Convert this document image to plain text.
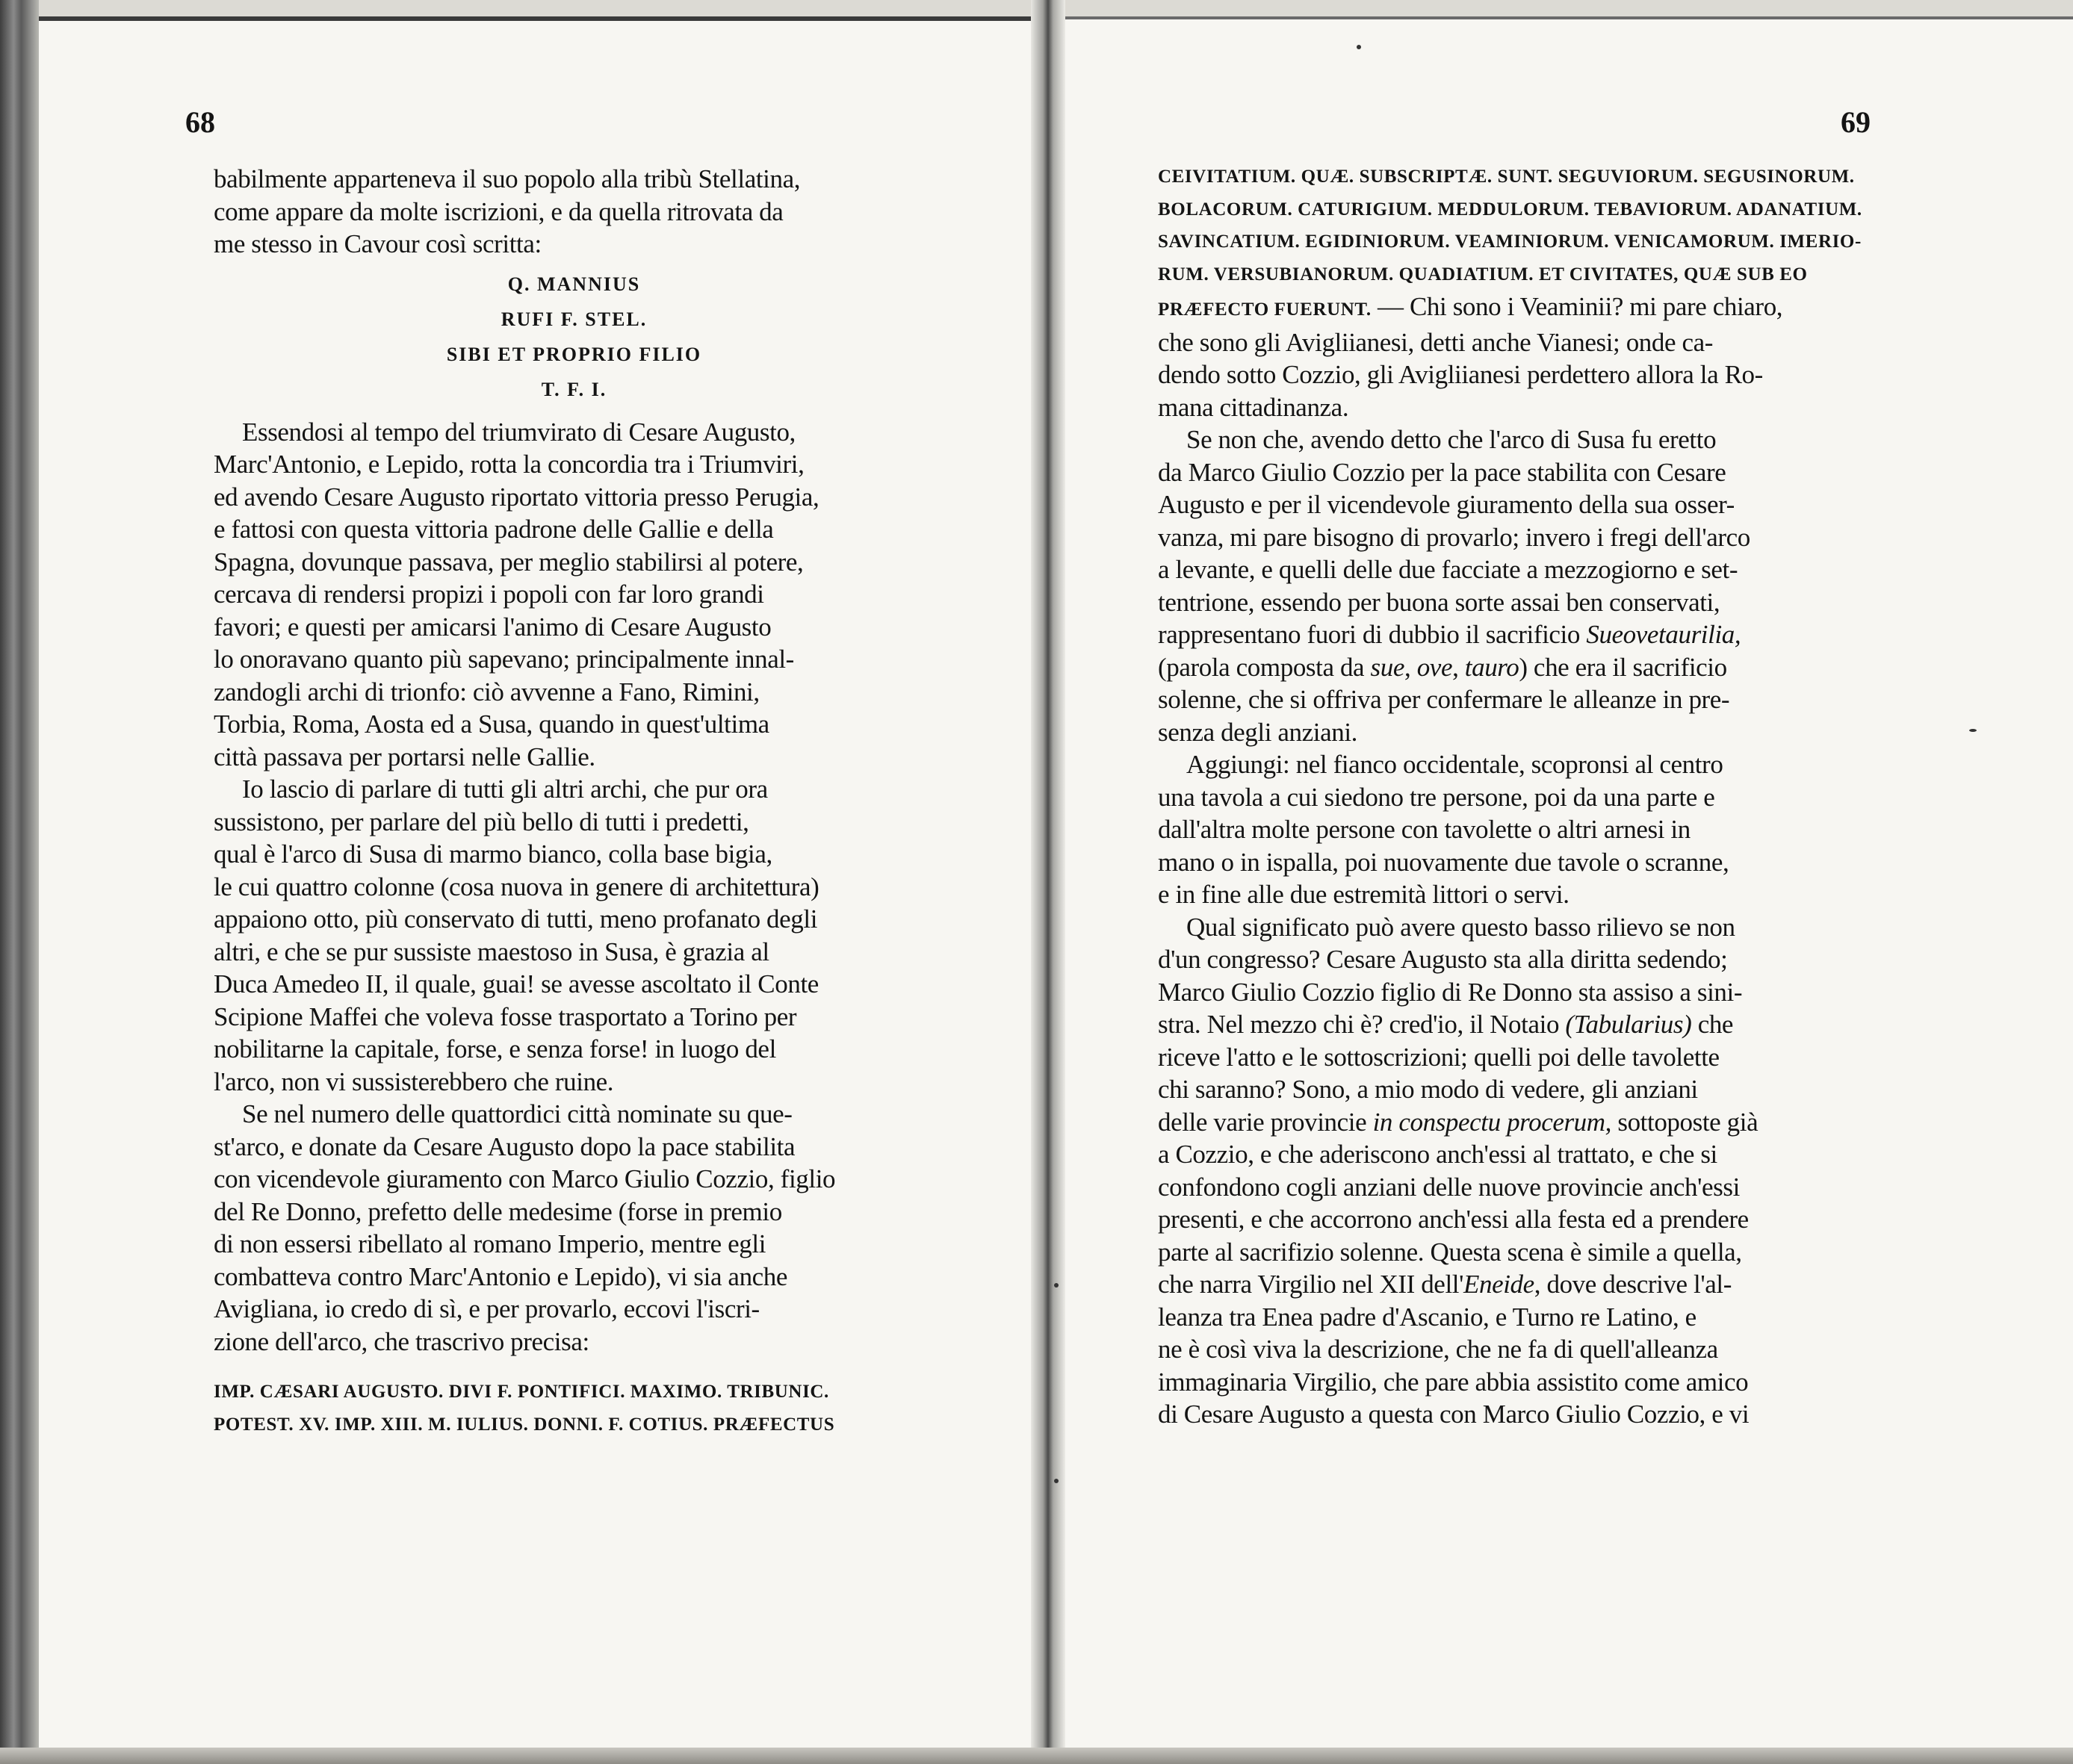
68
babilmente apparteneva il suo popolo alla tribù Stellatina,
come appare da molte iscrizioni, e da quella ritrovata da
me stesso in Cavour così scritta:
Q. MANNIUS
RUFI F. STEL.
SIBI ET PROPRIO FILIO
T. F. I.
Essendosi al tempo del triumvirato di Cesare Augusto,
Marc'Antonio, e Lepido, rotta la concordia tra i Triumviri,
ed avendo Cesare Augusto riportato vittoria presso Perugia,
e fattosi con questa vittoria padrone delle Gallie e della
Spagna, dovunque passava, per meglio stabilirsi al potere,
cercava di rendersi propizi i popoli con far loro grandi
favori; e questi per amicarsi l'animo di Cesare Augusto
lo onoravano quanto più sapevano; principalmente innal-
zandogli archi di trionfo: ciò avvenne a Fano, Rimini,
Torbia, Roma, Aosta ed a Susa, quando in quest'ultima
città passava per portarsi nelle Gallie.
Io lascio di parlare di tutti gli altri archi, che pur ora
sussistono, per parlare del più bello di tutti i predetti,
qual è l'arco di Susa di marmo bianco, colla base bigia,
le cui quattro colonne (cosa nuova in genere di architettura)
appaiono otto, più conservato di tutti, meno profanato degli
altri, e che se pur sussiste maestoso in Susa, è grazia al
Duca Amedeo II, il quale, guai! se avesse ascoltato il Conte
Scipione Maffei che voleva fosse trasportato a Torino per
nobilitarne la capitale, forse, e senza forse! in luogo del
l'arco, non vi sussisterebbero che ruine.
Se nel numero delle quattordici città nominate su que-
st'arco, e donate da Cesare Augusto dopo la pace stabilita
con vicendevole giuramento con Marco Giulio Cozzio, figlio
del Re Donno, prefetto delle medesime (forse in premio
di non essersi ribellato al romano Imperio, mentre egli
combatteva contro Marc'Antonio e Lepido), vi sia anche
Avigliana, io credo di sì, e per provarlo, eccovi l'iscri-
zione dell'arco, che trascrivo precisa:
IMP. CÆSARI AUGUSTO. DIVI F. PONTIFICI. MAXIMO. TRIBUNIC.
POTEST. XV. IMP. XIII. M. IULIUS. DONNI. F. COTIUS. PRÆFECTUS
69
CEIVITATIUM. QUÆ. SUBSCRIPTÆ. SUNT. SEGUVIORUM. SEGUSINORUM.
BOLACORUM. CATURIGIUM. MEDDULORUM. TEBAVIORUM. ADANATIUM.
SAVINCATIUM. EGIDINIORUM. VEAMINIORUM. VENICAMORUM. IMERIO-
RUM. VERSUBIANORUM. QUADIATIUM. ET CIVITATES, QUÆ SUB EO
PRÆFECTO FUERUNT. — Chi sono i Veaminii? mi pare chiaro,
che sono gli Avigliianesi, detti anche Vianesi; onde ca-
dendo sotto Cozzio, gli Avigliianesi perdettero allora la Ro-
mana cittadinanza.
Se non che, avendo detto che l'arco di Susa fu eretto
da Marco Giulio Cozzio per la pace stabilita con Cesare
Augusto e per il vicendevole giuramento della sua osser-
vanza, mi pare bisogno di provarlo; invero i fregi dell'arco
a levante, e quelli delle due facciate a mezzogiorno e set-
tentrione, essendo per buona sorte assai ben conservati,
rappresentano fuori di dubbio il sacrificio Sueovetaurilia,
(parola composta da sue, ove, tauro) che era il sacrificio
solenne, che si offriva per confermare le alleanze in pre-
senza degli anziani.
Aggiungi: nel fianco occidentale, scopronsi al centro
una tavola a cui siedono tre persone, poi da una parte e
dall'altra molte persone con tavolette o altri arnesi in
mano o in ispalla, poi nuovamente due tavole o scranne,
e in fine alle due estremità littori o servi.
Qual significato può avere questo basso rilievo se non
d'un congresso? Cesare Augusto sta alla diritta sedendo;
Marco Giulio Cozzio figlio di Re Donno sta assiso a sini-
stra. Nel mezzo chi è? cred'io, il Notaio (Tabularius) che
riceve l'atto e le sottoscrizioni; quelli poi delle tavolette
chi saranno? Sono, a mio modo di vedere, gli anziani
delle varie provincie in conspectu procerum, sottoposte già
a Cozzio, e che aderiscono anch'essi al trattato, e che si
confondono cogli anziani delle nuove provincie anch'essi
presenti, e che accorrono anch'essi alla festa ed a prendere
parte al sacrifizio solenne. Questa scena è simile a quella,
che narra Virgilio nel XII dell'Eneide, dove descrive l'al-
leanza tra Enea padre d'Ascanio, e Turno re Latino, e
ne è così viva la descrizione, che ne fa di quell'alleanza
immaginaria Virgilio, che pare abbia assistito come amico
di Cesare Augusto a questa con Marco Giulio Cozzio, e vi
